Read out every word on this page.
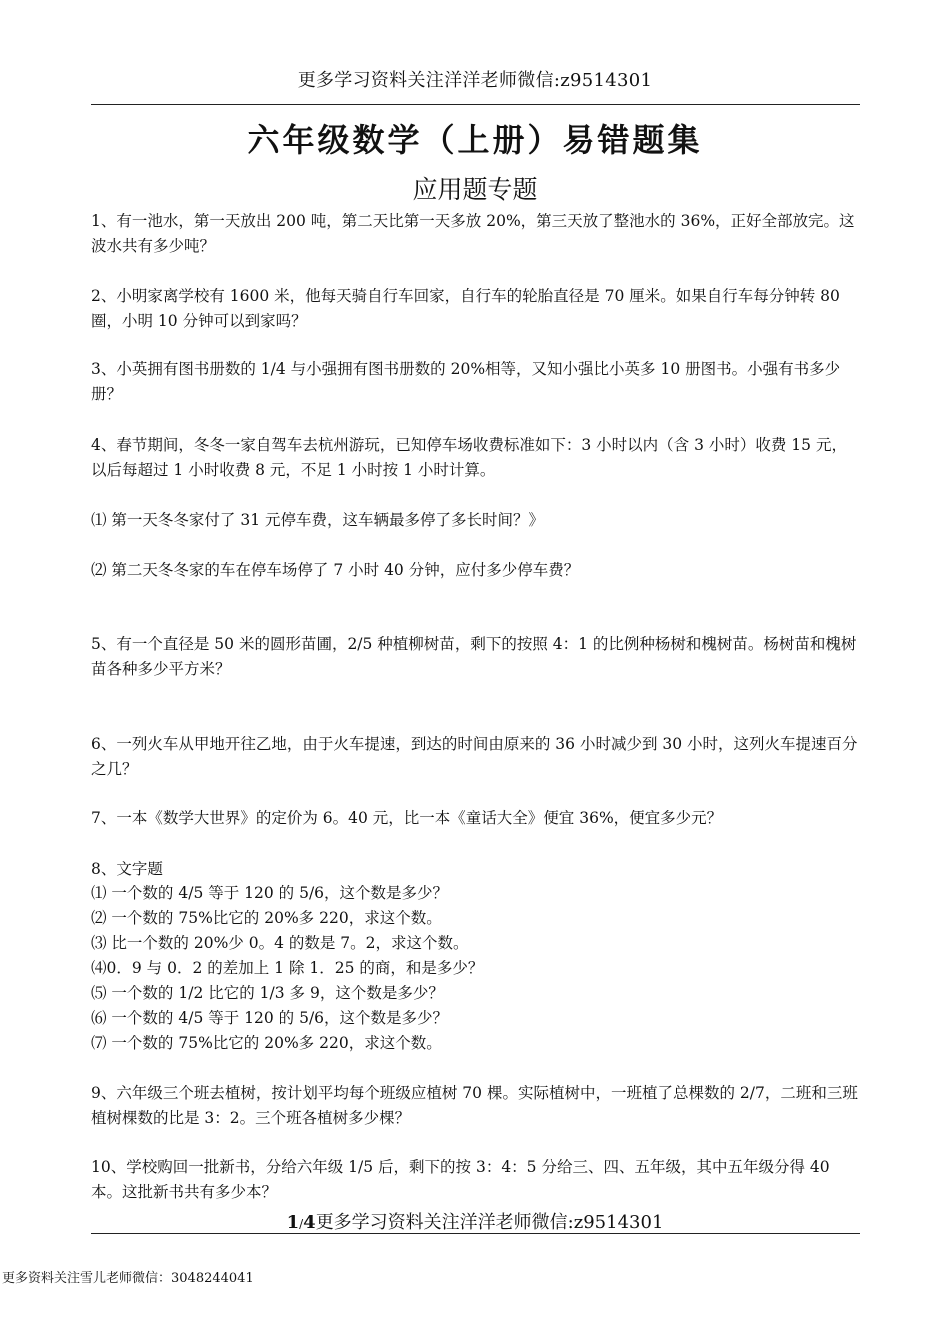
更多学习资料关注洋洋老师微信:z9514301
六年级数学（上册）易错题集
应用题专题

1、有一池水，第一天放出 200 吨，第二天比第一天多放 20%，第三天放了整池水的 36%，正好全部放完。这波水共有多少吨？

2、小明家离学校有 1600 米，他每天骑自行车回家，自行车的轮胎直径是 70 厘米。如果自行车每分钟转 80 圈，小明 10 分钟可以到家吗？

3、小英拥有图书册数的 1/4 与小强拥有图书册数的 20%相等，又知小强比小英多 10 册图书。小强有书多少册？

4、春节期间，冬冬一家自驾车去杭州游玩，已知停车场收费标准如下：3 小时以内（含 3 小时）收费 15 元，以后每超过 1 小时收费 8 元，不足 1 小时按 1 小时计算。

⑴ 第一天冬冬家付了 31 元停车费，这车辆最多停了多长时间？》
⑵ 第二天冬冬家的车在停车场停了 7 小时 40 分钟，应付多少停车费？

5、有一个直径是 50 米的圆形苗圃，2/5 种植柳树苗，剩下的按照 4：1 的比例种杨树和槐树苗。杨树苗和槐树苗各种多少平方米？

6、一列火车从甲地开往乙地，由于火车提速，到达的时间由原来的 36 小时减少到 30 小时，这列火车提速百分之几？

7、一本《数学大世界》的定价为 6。40 元，比一本《童话大全》便宜 36%，便宜多少元？
8、文字题
⑴ 一个数的 4/5 等于 120 的 5/6，这个数是多少？
⑵ 一个数的 75%比它的 20%多 220，求这个数。
⑶ 比一个数的 20%少 0。4 的数是 7。2，求这个数。
⑷0．9 与 0．2 的差加上 1 除 1．25 的商，和是多少？
⑸ 一个数的 1/2 比它的 1/3 多 9，这个数是多少？
⑹ 一个数的 4/5 等于 120 的 5/6，这个数是多少？
⑺ 一个数的 75%比它的 20%多 220，求这个数。

9、六年级三个班去植树，按计划平均每个班级应植树 70 棵。实际植树中，一班植了总棵数的 2/7，二班和三班植树棵数的比是 3：2。三个班各植树多少棵？

10、学校购回一批新书，分给六年级 1/5 后，剩下的按 3：4：5 分给三、四、五年级，其中五年级分得 40 本。这批新书共有多少本？

1/4更多学习资料关注洋洋老师微信:z9514301
更多资料关注雪儿老师微信：3048244041
